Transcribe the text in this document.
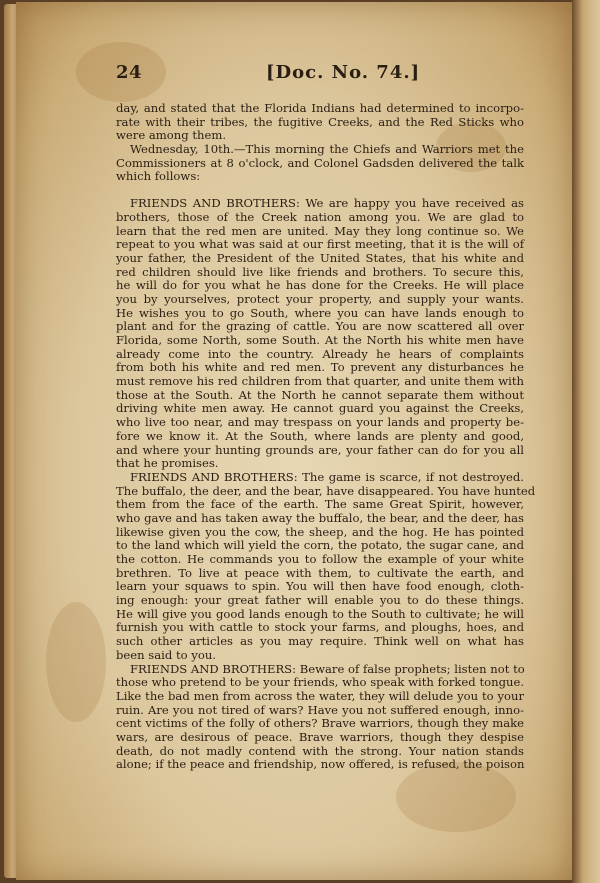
24	[Doc. No. 74.]
day, and stated that the Florida Indians had determined to incorpo-
rate with their tribes, the fugitive Creeks, and the Red Sticks who
were among them.
Wednesday, 10th.—This morning the Chiefs and Warriors met the
Commissioners at 8 o'clock, and Colonel Gadsden delivered the talk
which follows:
FRIENDS AND BROTHERS: We are happy you have received as
brothers, those of the Creek nation among you. We are glad to
learn that the red men are united. May they long continue so. We
repeat to you what was said at our first meeting, that it is the will of
your father, the President of the United States, that his white and
red children should live like friends and brothers. To secure this,
he will do for you what he has done for the Creeks. He will place
you by yourselves, protect your property, and supply your wants.
He wishes you to go South, where you can have lands enough to
plant and for the grazing of cattle. You are now scattered all over
Florida, some North, some South. At the North his white men have
already come into the country. Already he hears of complaints
from both his white and red men. To prevent any disturbances he
must remove his red children from that quarter, and unite them with
those at the South. At the North he cannot separate them without
driving white men away. He cannot guard you against the Creeks,
who live too near, and may trespass on your lands and property be-
fore we know it. At the South, where lands are plenty and good,
and where your hunting grounds are, your father can do for you all
that he promises.
FRIENDS AND BROTHERS: The game is scarce, if not destroyed.
The buffalo, the deer, and the bear, have disappeared. You have hunted
them from the face of the earth. The same Great Spirit, however,
who gave and has taken away the buffalo, the bear, and the deer, has
likewise given you the cow, the sheep, and the hog. He has pointed
to the land which will yield the corn, the potato, the sugar cane, and
the cotton. He commands you to follow the example of your white
brethren. To live at peace with them, to cultivate the earth, and
learn your squaws to spin. You will then have food enough, cloth-
ing enough: your great father will enable you to do these things.
He will give you good lands enough to the South to cultivate; he will
furnish you with cattle to stock your farms, and ploughs, hoes, and
such other articles as you may require. Think well on what has
been said to you.
FRIENDS AND BROTHERS: Beware of false prophets; listen not to
those who pretend to be your friends, who speak with forked tongue.
Like the bad men from across the water, they will delude you to your
ruin. Are you not tired of wars? Have you not suffered enough, inno-
cent victims of the folly of others? Brave warriors, though they make
wars, are desirous of peace. Brave warriors, though they despise
death, do not madly contend with the strong. Your nation stands
alone; if the peace and friendship, now offered, is refused, the poison
